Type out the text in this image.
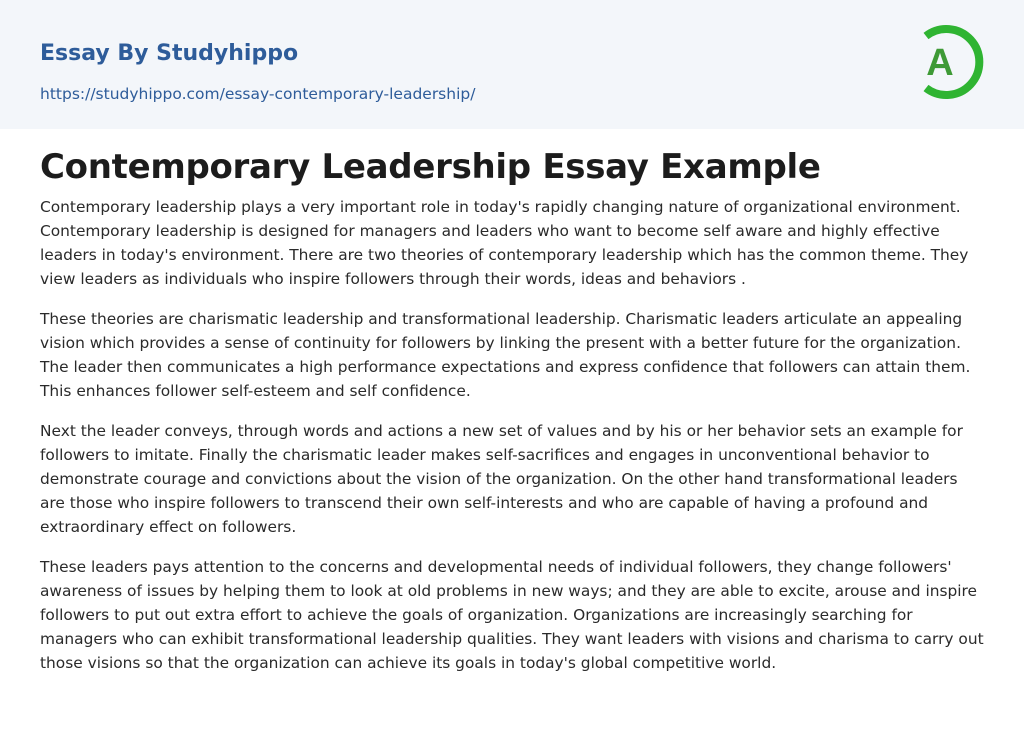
Essay By Studyhippo
https://studyhippo.com/essay-contemporary-leadership/
A
Contemporary Leadership Essay Example

Contemporary leadership plays a very important role in today's rapidly changing nature of organizational environment. Contemporary leadership is designed for managers and leaders who want to become self aware and highly effective leaders in today's environment. There are two theories of contemporary leadership which has the common theme. They view leaders as individuals who inspire followers through their words, ideas and behaviors .

These theories are charismatic leadership and transformational leadership. Charismatic leaders articulate an appealing vision which provides a sense of continuity for followers by linking the present with a better future for the organization. The leader then communicates a high performance expectations and express confidence that followers can attain them. This enhances follower self-esteem and self confidence.

Next the leader conveys, through words and actions a new set of values and by his or her behavior sets an example for followers to imitate. Finally the charismatic leader makes self-sacrifices and engages in unconventional behavior to demonstrate courage and convictions about the vision of the organization. On the other hand transformational leaders are those who inspire followers to transcend their own self-interests and who are capable of having a profound and extraordinary effect on followers.

These leaders pays attention to the concerns and developmental needs of individual followers, they change followers' awareness of issues by helping them to look at old problems in new ways; and they are able to excite, arouse and inspire followers to put out extra effort to achieve the goals of organization. Organizations are increasingly searching for managers who can exhibit transformational leadership qualities. They want leaders with visions and charisma to carry out those visions so that the organization can achieve its goals in today's global competitive world.
